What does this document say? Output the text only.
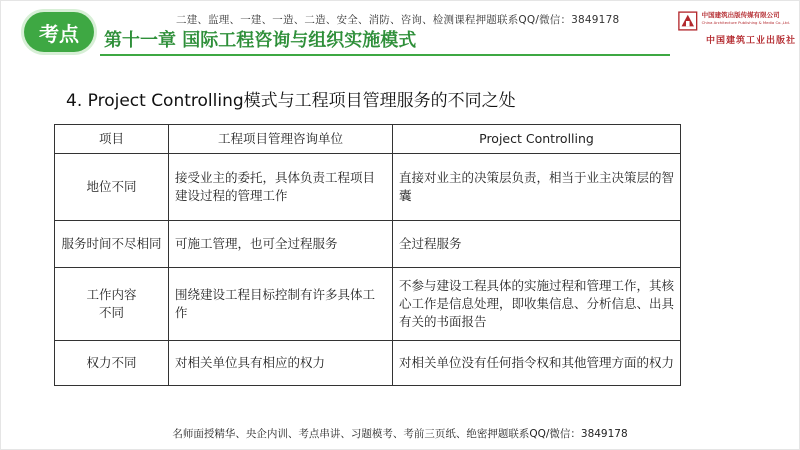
考点
二建、监理、一建、一造、二造、安全、消防、咨询、检测课程押题联系QQ/微信：3849178
第十一章 国际工程咨询与组织实施模式
中国建筑出版传媒有限公司
China Architecture Publishing & Media Co.,Ltd.
中国建筑工业出版社
4. Project Controlling模式与工程项目管理服务的不同之处
项目	工程项目管理咨询单位	Project Controlling
地位不同	接受业主的委托，具体负责工程项目建设过程的管理工作	直接对业主的决策层负责，相当于业主决策层的智囊
服务时间不尽相同	可施工管理，也可全过程服务	全过程服务
工作内容
不同	围绕建设工程目标控制有许多具体工作	不参与建设工程具体的实施过程和管理工作，其核心工作是信息处理，即收集信息、分析信息、出具有关的书面报告
权力不同	对相关单位具有相应的权力	对相关单位没有任何指令权和其他管理方面的权力
名师面授精华、央企内训、考点串讲、习题模考、考前三页纸、绝密押题联系QQ/微信：3849178
